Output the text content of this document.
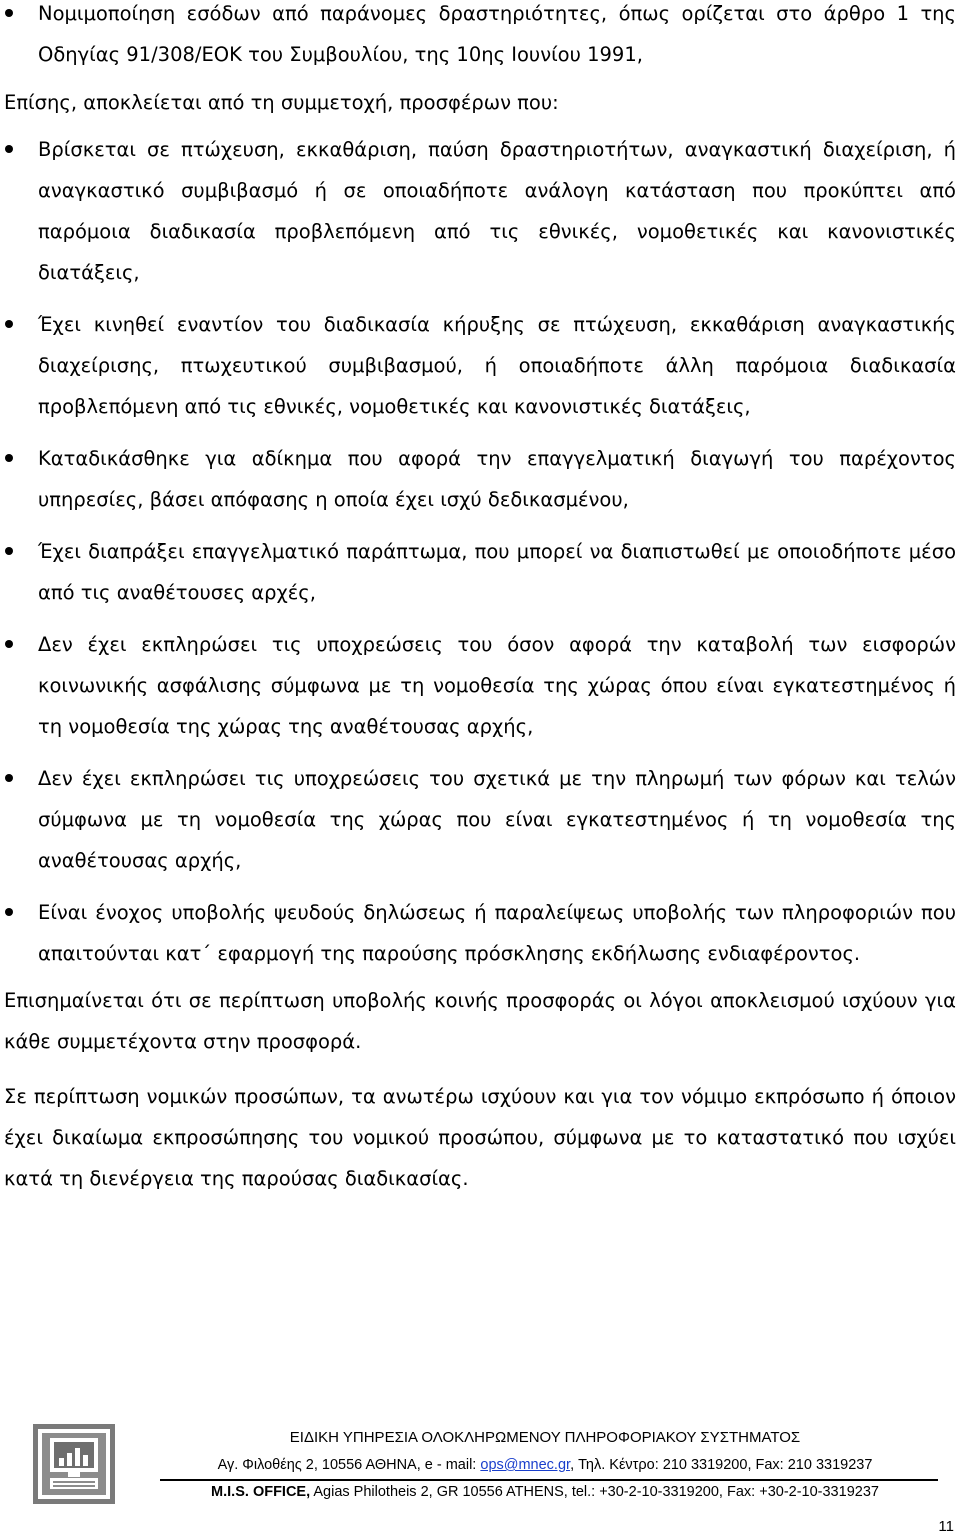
Νομιμοποίηση εσόδων από παράνομες δραστηριότητες, όπως ορίζεται στο άρθρο 1 της Οδηγίας 91/308/ΕΟΚ του Συμβουλίου, της 10ης Ιουνίου 1991,

Επίσης, αποκλείεται από τη συμμετοχή, προσφέρων που:

Βρίσκεται σε πτώχευση, εκκαθάριση, παύση δραστηριοτήτων, αναγκαστική διαχείριση, ή αναγκαστικό συμβιβασμό ή σε οποιαδήποτε ανάλογη κατάσταση που προκύπτει από παρόμοια διαδικασία προβλεπόμενη από τις εθνικές, νομοθετικές και κανονιστικές διατάξεις,
Έχει κινηθεί εναντίον του διαδικασία κήρυξης σε πτώχευση, εκκαθάριση αναγκαστικής διαχείρισης, πτωχευτικού συμβιβασμού, ή οποιαδήποτε άλλη παρόμοια διαδικασία προβλεπόμενη από τις εθνικές, νομοθετικές και κανονιστικές διατάξεις,
Καταδικάσθηκε για αδίκημα που αφορά την επαγγελματική διαγωγή του παρέχοντος υπηρεσίες, βάσει απόφασης η οποία έχει ισχύ δεδικασμένου,
Έχει διαπράξει επαγγελματικό παράπτωμα, που μπορεί να διαπιστωθεί με οποιοδήποτε μέσο από τις αναθέτουσες αρχές,
Δεν έχει εκπληρώσει τις υποχρεώσεις του όσον αφορά την καταβολή των εισφορών κοινωνικής ασφάλισης σύμφωνα με τη νομοθεσία της χώρας όπου είναι εγκατεστημένος ή τη νομοθεσία της χώρας της αναθέτουσας αρχής,
Δεν έχει εκπληρώσει τις υποχρεώσεις του σχετικά με την πληρωμή των φόρων και τελών σύμφωνα με τη νομοθεσία της χώρας που είναι εγκατεστημένος ή τη νομοθεσία της αναθέτουσας αρχής,
Είναι ένοχος υποβολής ψευδούς δηλώσεως ή παραλείψεως υποβολής των πληροφοριών που απαιτούνται κατ΄ εφαρμογή της παρούσης πρόσκλησης εκδήλωσης ενδιαφέροντος.

Επισημαίνεται ότι σε περίπτωση υποβολής κοινής προσφοράς οι λόγοι αποκλεισμού ισχύουν για κάθε συμμετέχοντα στην προσφορά.

Σε περίπτωση νομικών προσώπων, τα ανωτέρω ισχύουν και για τον νόμιμο εκπρόσωπο ή όποιον έχει δικαίωμα εκπροσώπησης του νομικού προσώπου, σύμφωνα με το καταστατικό που ισχύει κατά τη διενέργεια της παρούσας διαδικασίας.

ΕΙΔΙΚΗ ΥΠΗΡΕΣΙΑ ΟΛΟΚΛΗΡΩΜΕΝΟΥ ΠΛΗΡΟΦΟΡΙΑΚΟΥ ΣΥΣΤΗΜΑΤΟΣ
Αγ. Φιλοθέης 2, 10556 ΑΘΗΝΑ, e - mail: ops@mnec.gr, Τηλ. Κέντρο: 210 3319200, Fax: 210 3319237
M.I.S. OFFICE, Agias Philotheis 2, GR 10556 ATHENS, tel.: +30-2-10-3319200, Fax: +30-2-10-3319237
11
